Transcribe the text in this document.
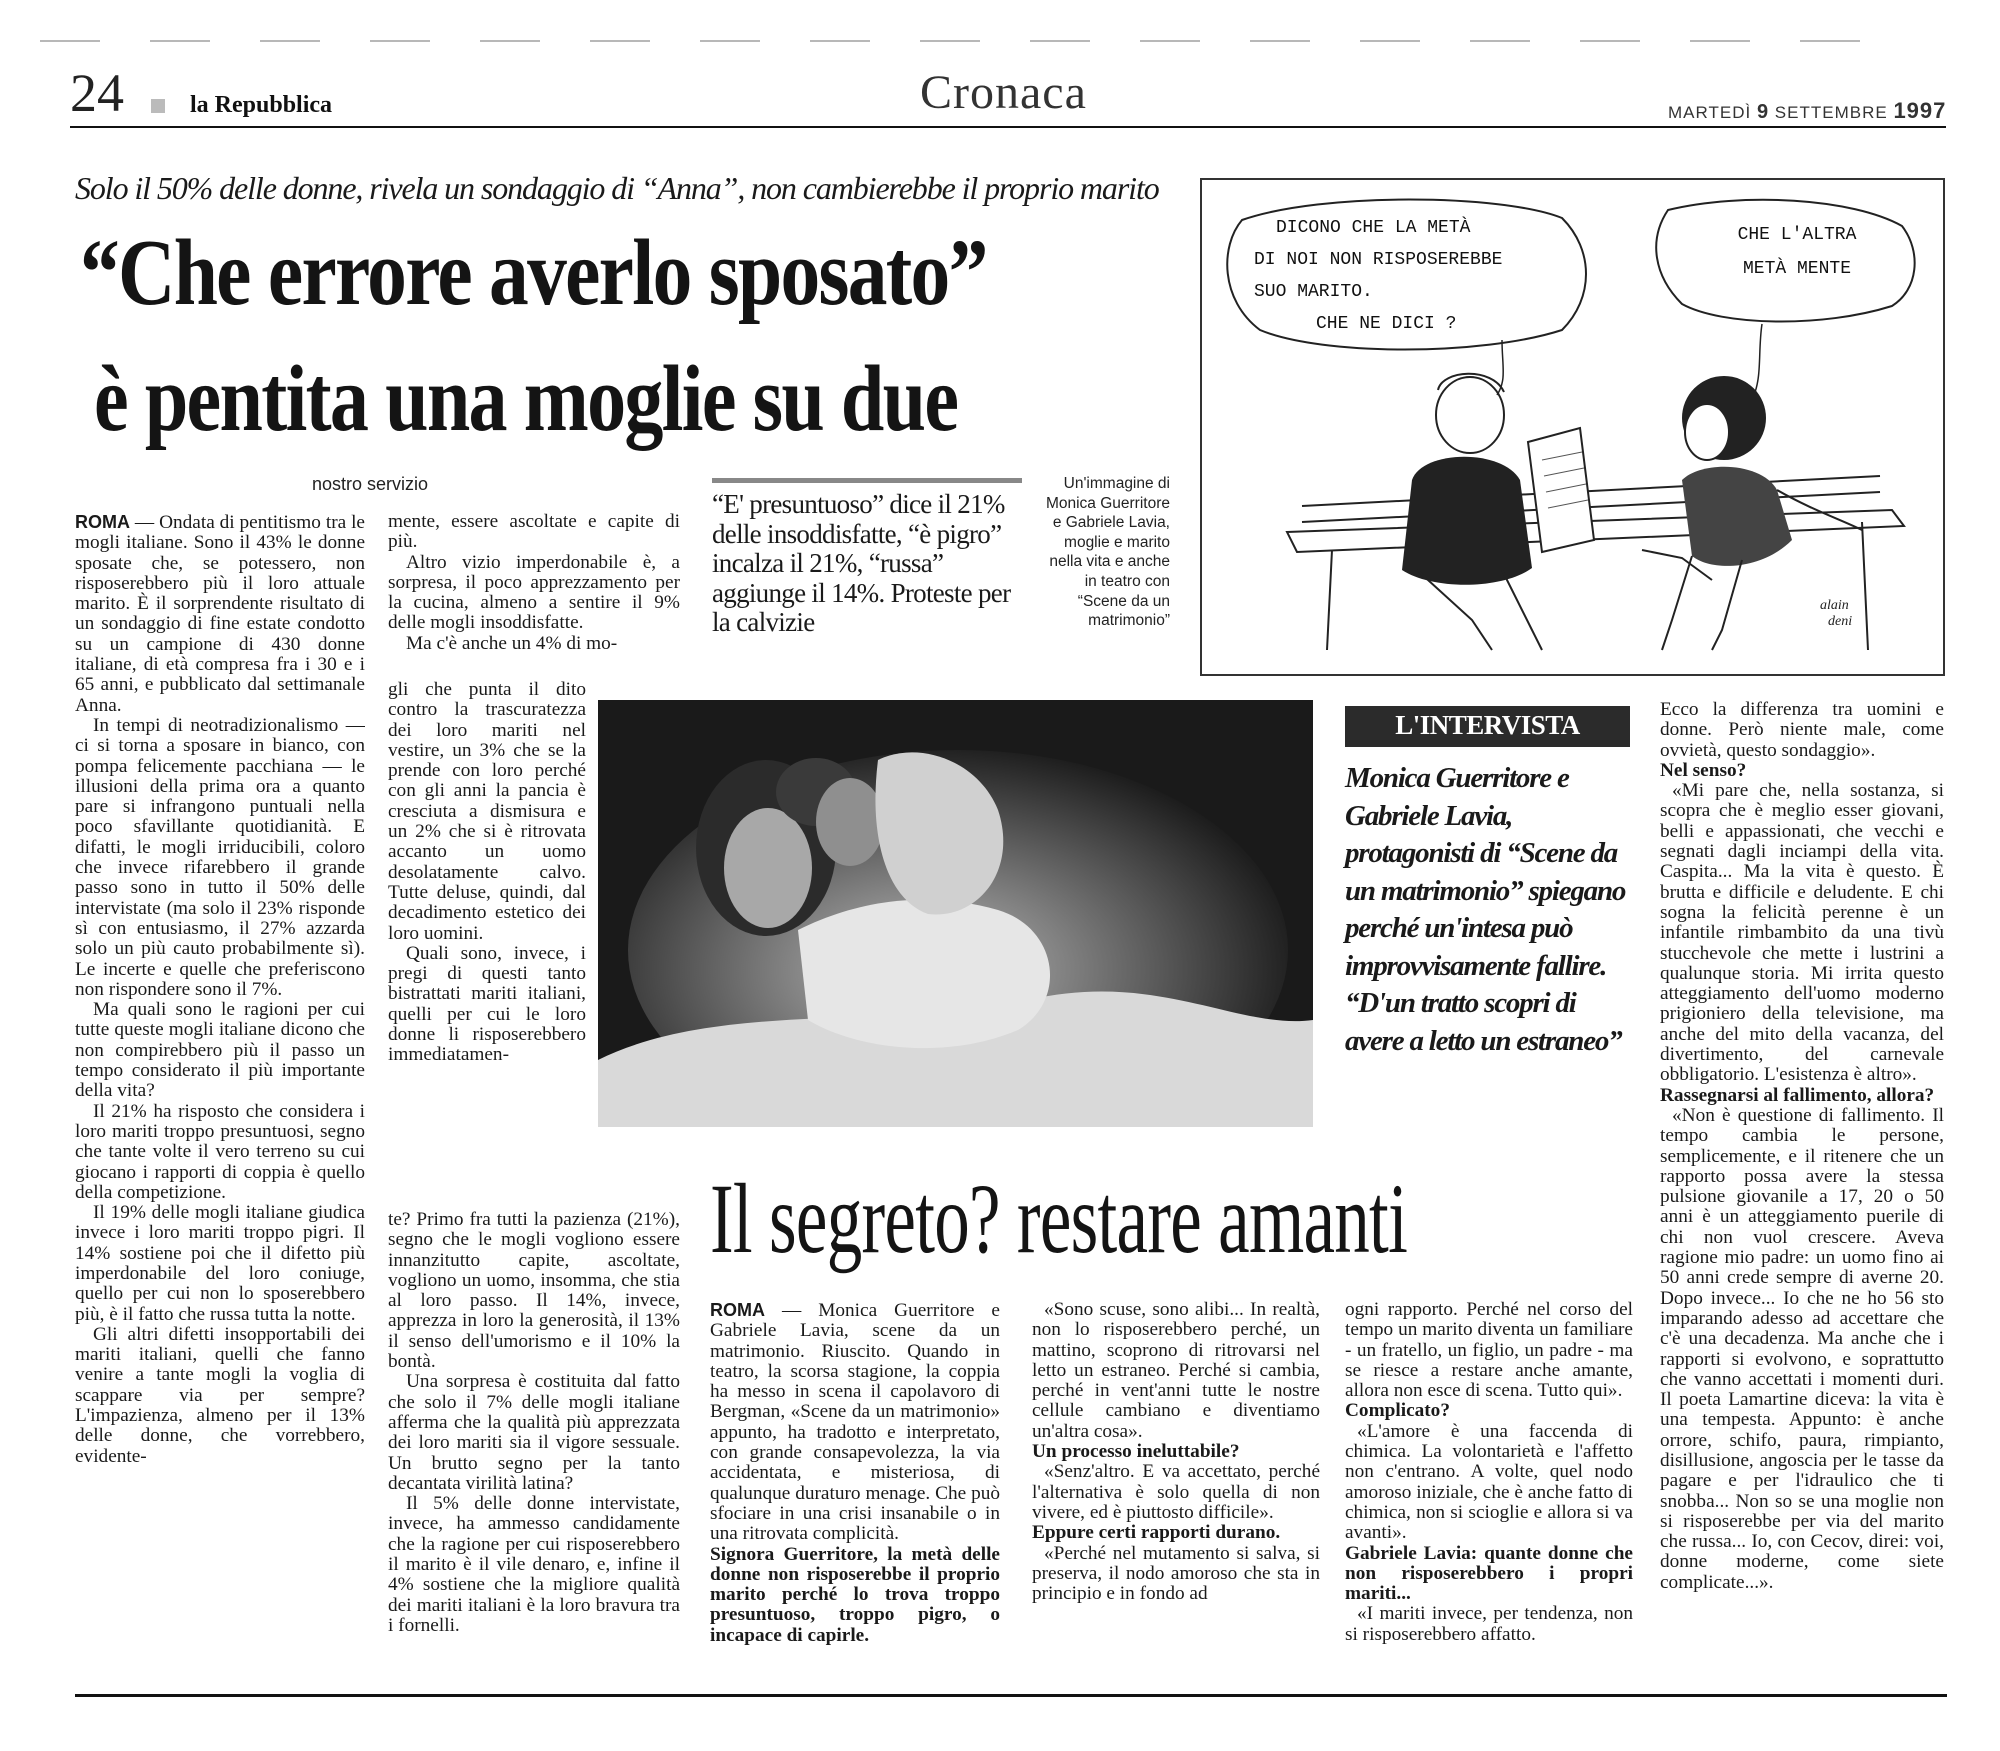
24	la Repubblica	Cronaca	MARTEDÌ 9 SETTEMBRE 1997
Solo il 50% delle donne, rivela un sondaggio di “Anna”, non cambierebbe il proprio marito
“Che errore averlo sposato”
è pentita una moglie su due
nostro servizio

ROMA — Ondata di pentitismo tra le mogli italiane. Sono il 43% le donne sposate che, se potessero, non risposerebbero più il loro attuale marito. È il sorprendente risultato di un sondaggio di fine estate condotto su un campione di 430 donne italiane, di età compresa fra i 30 e i 65 anni, e pubblicato dal settimanale Anna.

In tempi di neotradizionalismo — ci si torna a sposare in bianco, con pompa felicemente pacchiana — le illusioni della prima ora a quanto pare si infrangono puntuali nella poco sfavillante quotidianità. E difatti, le mogli irriducibili, coloro che invece rifarebbero il grande passo sono in tutto il 50% delle intervistate (ma solo il 23% risponde sì con entusiasmo, il 27% azzarda solo un più cauto probabilmente sì). Le incerte e quelle che preferiscono non rispondere sono il 7%.

Ma quali sono le ragioni per cui tutte queste mogli italiane dicono che non compirebbero più il passo un tempo considerato il più importante della vita?

Il 21% ha risposto che considera i loro mariti troppo presuntuosi, segno che tante volte il vero terreno su cui giocano i rapporti di coppia è quello della competizione.

Il 19% delle mogli italiane giudica invece i loro mariti troppo pigri. Il 14% sostiene poi che il difetto più imperdonabile del loro coniuge, quello per cui non lo sposerebbero più, è il fatto che russa tutta la notte.

Gli altri difetti insopportabili dei mariti italiani, quelli che fanno venire a tante mogli la voglia di scappare via per sempre? L'impazienza, almeno per il 13% delle donne, che vorrebbero, evidente-

mente, essere ascoltate e capite di più.

Altro vizio imperdonabile è, a sorpresa, il poco apprezzamento per la cucina, almeno a sentire il 9% delle mogli insoddisfatte.

Ma c'è anche un 4% di mo-

gli che punta il dito contro la trascuratezza dei loro mariti nel vestire, un 3% che se la prende con loro perché con gli anni la pancia è cresciuta a dismisura e un 2% che si è ritrovata accanto un uomo desolatamente calvo. Tutte deluse, quindi, dal decadimento estetico dei loro uomini.

Quali sono, invece, i pregi di questi tanto bistrattati mariti italiani, quelli per cui le loro donne li risposerebbero immediatamen-

te? Primo fra tutti la pazienza (21%), segno che le mogli vogliono essere innanzitutto capite, ascoltate, vogliono un uomo, insomma, che stia al loro passo. Il 14%, invece, apprezza in loro la generosità, il 13% il senso dell'umorismo e il 10% la bontà.

Una sorpresa è costituita dal fatto che solo il 7% delle mogli italiane afferma che la qualità più apprezzata dei loro mariti sia il vigore sessuale. Un brutto segno per la tanto decantata virilità latina?

Il 5% delle donne intervistate, invece, ha ammesso candidamente che la ragione per cui risposerebbero il marito è il vile denaro, e, infine il 4% sostiene che la migliore qualità dei mariti italiani è la loro bravura tra i fornelli.

“E' presuntuoso” dice il 21% delle insoddisfatte, “è pigro” incalza il 21%, “russa” aggiunge il 14%. Proteste per la calvizie
Un'immagine di Monica Guerritore e Gabriele Lavia, moglie e marito nella vita e anche in teatro con “Scene da un matrimonio”
DICONO CHE LA METÀ
DI NOI NON RISPOSEREBBE
SUO MARITO.
CHE NE DICI ?
CHE L'ALTRA
METÀ MENTE
alain
deni
L'INTERVISTA
Monica Guerritore e Gabriele Lavia, protagonisti di “Scene da un matrimonio” spiegano perché un'intesa può improvvisamente fallire. “D'un tratto scopri di avere a letto un estraneo”
Il segreto? restare amanti

ROMA — Monica Guerritore e Gabriele Lavia, scene da un matrimonio. Riuscito. Quando in teatro, la scorsa stagione, la coppia ha messo in scena il capolavoro di Bergman, «Scene da un matrimonio» appunto, ha tradotto e interpretato, con grande consapevolezza, la via accidentata, e misteriosa, di qualunque duraturo menage. Che può sfociare in una crisi insanabile o in una ritrovata complicità.

Signora Guerritore, la metà delle donne non risposerebbe il proprio marito perché lo trova troppo presuntuoso, troppo pigro, o incapace di capirle.

«Sono scuse, sono alibi... In realtà, non lo risposerebbero perché, un mattino, scoprono di ritrovarsi nel letto un estraneo. Perché si cambia, perché in vent'anni tutte le nostre cellule cambiano e diventiamo un'altra cosa».

Un processo ineluttabile?

«Senz'altro. E va accettato, perché l'alternativa è solo quella di non vivere, ed è piuttosto difficile».

Eppure certi rapporti durano.

«Perché nel mutamento si salva, si preserva, il nodo amoroso che sta in principio e in fondo ad

ogni rapporto. Perché nel corso del tempo un marito diventa un familiare - un fratello, un figlio, un padre - ma se riesce a restare anche amante, allora non esce di scena. Tutto qui».

Complicato?

«L'amore è una faccenda di chimica. La volontarietà e l'affetto non c'entrano. A volte, quel nodo amoroso iniziale, che è anche fatto di chimica, non si scioglie e allora si va avanti».

Gabriele Lavia: quante donne che non risposerebbero i propri mariti...

«I mariti invece, per tendenza, non si risposerebbero affatto.

Ecco la differenza tra uomini e donne. Però niente male, come ovvietà, questo sondaggio».

Nel senso?

«Mi pare che, nella sostanza, si scopra che è meglio esser giovani, belli e appassionati, che vecchi e segnati dagli inciampi della vita. Caspita... Ma la vita è questo. È brutta e difficile e deludente. E chi sogna la felicità perenne è un infantile rimbambito da una tivù stucchevole che mette i lustrini a qualunque storia. Mi irrita questo atteggiamento dell'uomo moderno prigioniero della televisione, ma anche del mito della vacanza, del divertimento, del carnevale obbligatorio. L'esistenza è altro».

Rassegnarsi al fallimento, allora?

«Non è questione di fallimento. Il tempo cambia le persone, semplicemente, e il ritenere che un rapporto possa avere la stessa pulsione giovanile a 17, 20 o 50 anni è un atteggiamento puerile di chi non vuol crescere. Aveva ragione mio padre: un uomo fino ai 50 anni crede sempre di averne 20. Dopo invece... Io che ne ho 56 sto imparando adesso ad accettare che c'è una decadenza. Ma anche che i rapporti si evolvono, e soprattutto che vanno accettati i momenti duri. Il poeta Lamartine diceva: la vita è una tempesta. Appunto: è anche orrore, schifo, paura, rimpianto, disillusione, angoscia per le tasse da pagare e per l'idraulico che ti snobba... Non so se una moglie non si risposerebbe per via del marito che russa... Io, con Cecov, direi: voi, donne moderne, come siete complicate...».
